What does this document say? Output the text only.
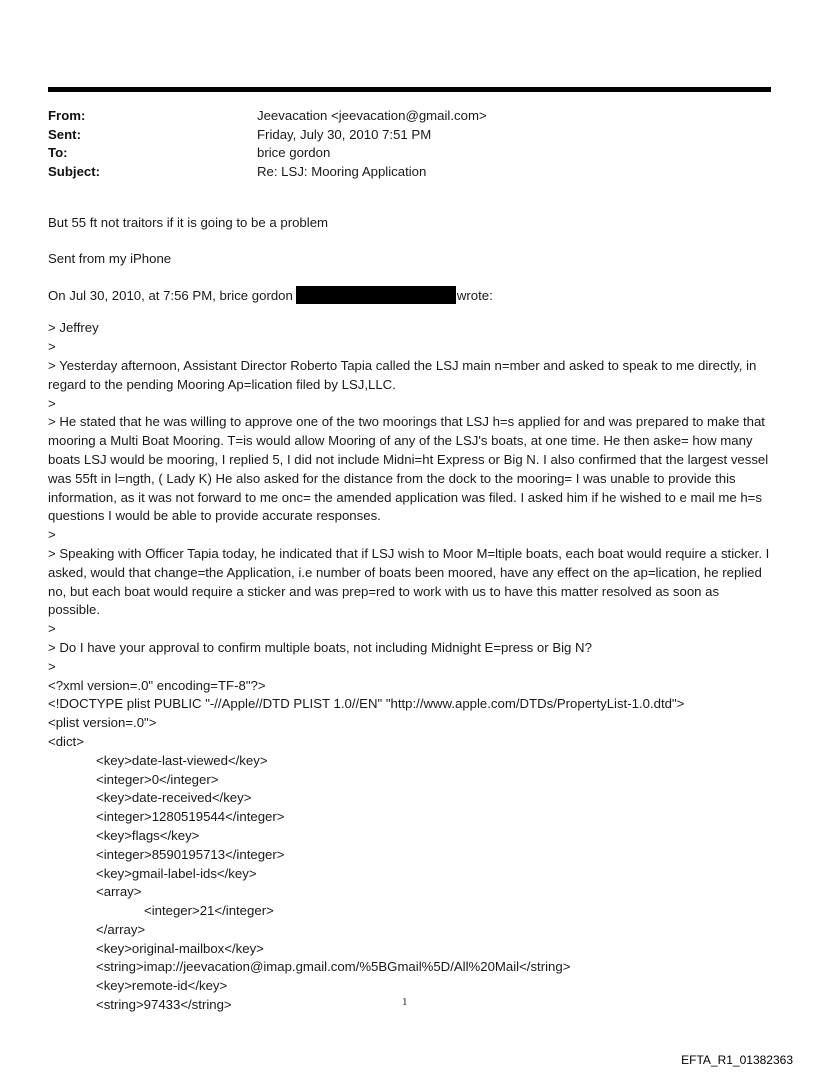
From:	Jeevacation <jeevacation@gmail.com>
Sent:	Friday, July 30, 2010 7:51 PM
To:	brice gordon
Subject:	Re: LSJ: Mooring Application

But 55 ft not traitors if it is going to be a problem

Sent from my iPhone

On Jul 30, 2010, at 7:56 PM, brice gordon	wrote:

> Jeffrey

>

> Yesterday afternoon, Assistant Director Roberto Tapia called the LSJ main n=mber and asked to speak to me directly, in regard to the pending Mooring Ap=lication filed by LSJ,LLC.

>

> He stated that he was willing to approve one of the two moorings that LSJ h=s applied for and was prepared to make that mooring a Multi Boat Mooring. T=is would allow Mooring of any of the LSJ's boats, at one time. He then aske= how many boats LSJ would be mooring, I replied 5, I did not include Midni=ht Express or Big N. I also confirmed that the largest vessel was 55ft in l=ngth, ( Lady K) He also asked for the distance from the dock to the mooring= I was unable to provide this information, as it was not forward to me onc= the amended application was filed. I asked him if he wished to e mail me h=s questions I would be able to provide accurate responses.

>

> Speaking with Officer Tapia today, he indicated that if LSJ wish to Moor M=ltiple boats, each boat would require a sticker. I asked, would that change=the Application, i.e number of boats been moored, have any effect on the ap=lication, he replied no, but each boat would require a sticker and was prep=red to work with us to have this matter resolved as soon as possible.

>

> Do I have your approval to confirm multiple boats, not including Midnight E=press or Big N?

>

<?xml version=.0" encoding=TF-8"?>

<!DOCTYPE plist PUBLIC "-//Apple//DTD PLIST 1.0//EN" "http://www.apple.com/DTDs/PropertyList-1.0.dtd">

<plist version=.0">

<dict>

<key>date-last-viewed</key>

<integer>0</integer>

<key>date-received</key>

<integer>1280519544</integer>

<key>flags</key>

<integer>8590195713</integer>

<key>gmail-label-ids</key>

<array>

<integer>21</integer>

</array>

<key>original-mailbox</key>

<string>imap://jeevacation@imap.gmail.com/%5BGmail%5D/All%20Mail</string>

<key>remote-id</key>

<string>97433</string>	1
EFTA_R1_01382363
